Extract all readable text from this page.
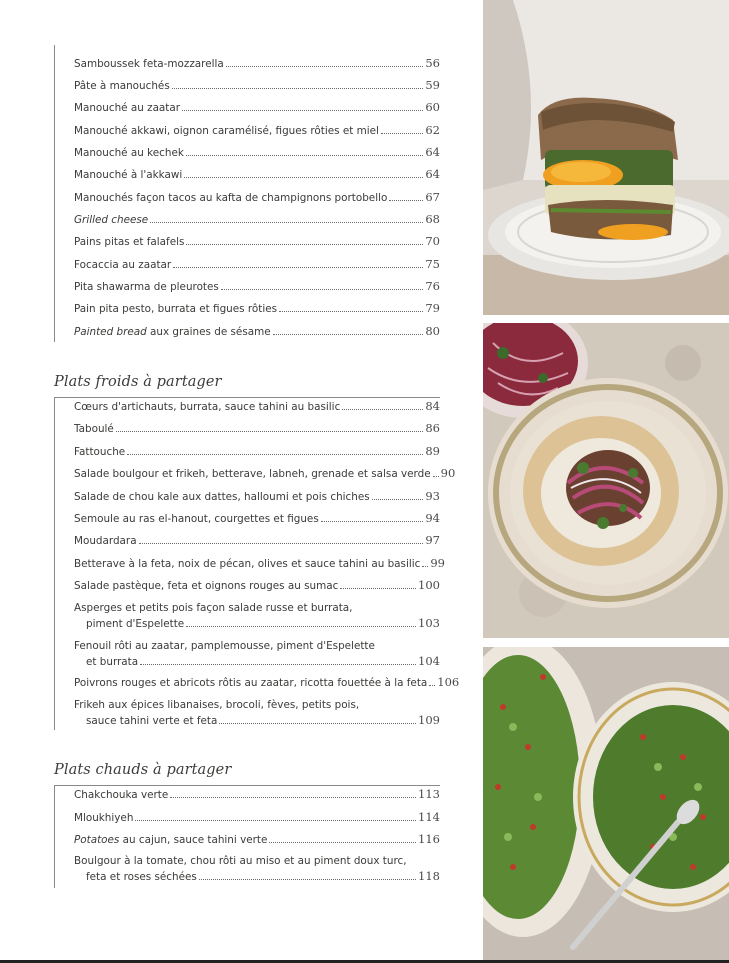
Samboussek feta-mozzarella	56
Pâte à manouchés	59
Manouché au zaatar	60
Manouché akkawi, oignon caramélisé, figues rôties et miel	62
Manouché au kechek	64
Manouché à l'akkawi	64
Manouchés façon tacos au kafta de champignons portobello	67
Grilled cheese	68
Pains pitas et falafels	70
Focaccia au zaatar	75
Pita shawarma de pleurotes	76
Pain pita pesto, burrata et figues rôties	79
Painted bread aux graines de sésame	80
Plats froids à partager
Cœurs d'artichauts, burrata, sauce tahini au basilic	84
Taboulé	86
Fattouche	89
Salade boulgour et frikeh, betterave, labneh, grenade et salsa verde 90
Salade de chou kale aux dattes, halloumi et pois chiches	93
Semoule au ras el-hanout, courgettes et figues	94
Moudardara	97
Betterave à la feta, noix de pécan, olives et sauce tahini au basilic 99
Salade pastèque, feta et oignons rouges au sumac	100
Asperges et petits pois façon salade russe et burrata,
piment d'Espelette	103
Fenouil rôti au zaatar, pamplemousse, piment d'Espelette
et burrata	104
Poivrons rouges et abricots rôtis au zaatar, ricotta fouettée à la feta 106
Frikeh aux épices libanaises, brocoli, fèves, petits pois,
sauce tahini verte et feta	109
Plats chauds à partager
Chakchouka verte	113
Mloukhiyeh	114
Potatoes au cajun, sauce tahini verte	116
Boulgour à la tomate, chou rôti au miso et au piment doux turc,
feta et roses séchées	118
